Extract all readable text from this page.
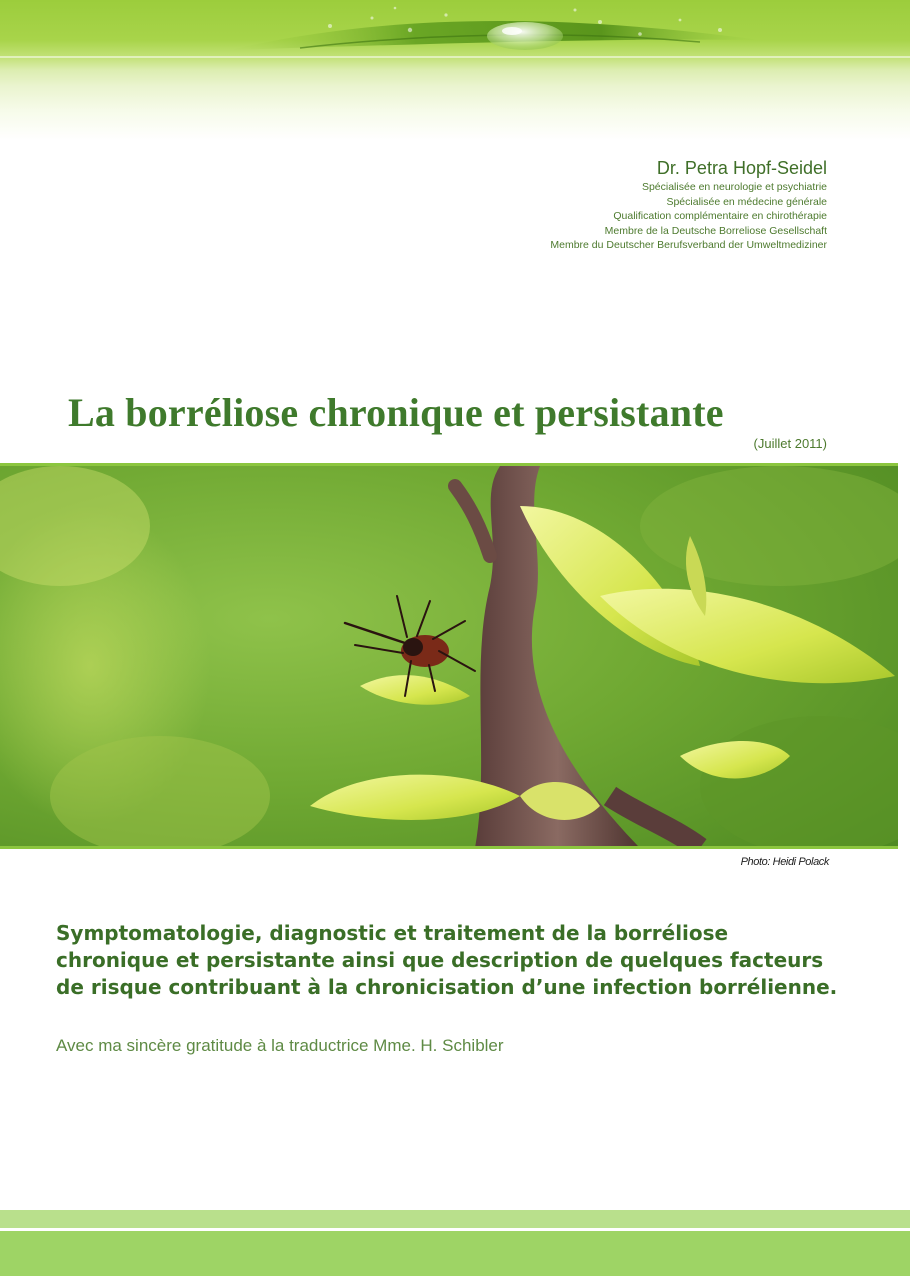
Dr. Petra Hopf-Seidel
Spécialisée en neurologie et psychiatrie
Spécialisée en médecine générale
Qualification complémentaire en chirothérapie
Membre de la Deutsche Borreliose Gesellschaft
Membre du Deutscher Berufsverband der Umweltmediziner
La borréliose chronique et persistante
(Juillet 2011)
Photo: Heidi Polack
Symptomatologie, diagnostic et traitement de la borréliose chronique et persistante ainsi que description de quelques facteurs de risque contribuant à la chronicisation d’une infection borrélienne.
Avec ma sincère gratitude à la traductrice Mme. H. Schibler
